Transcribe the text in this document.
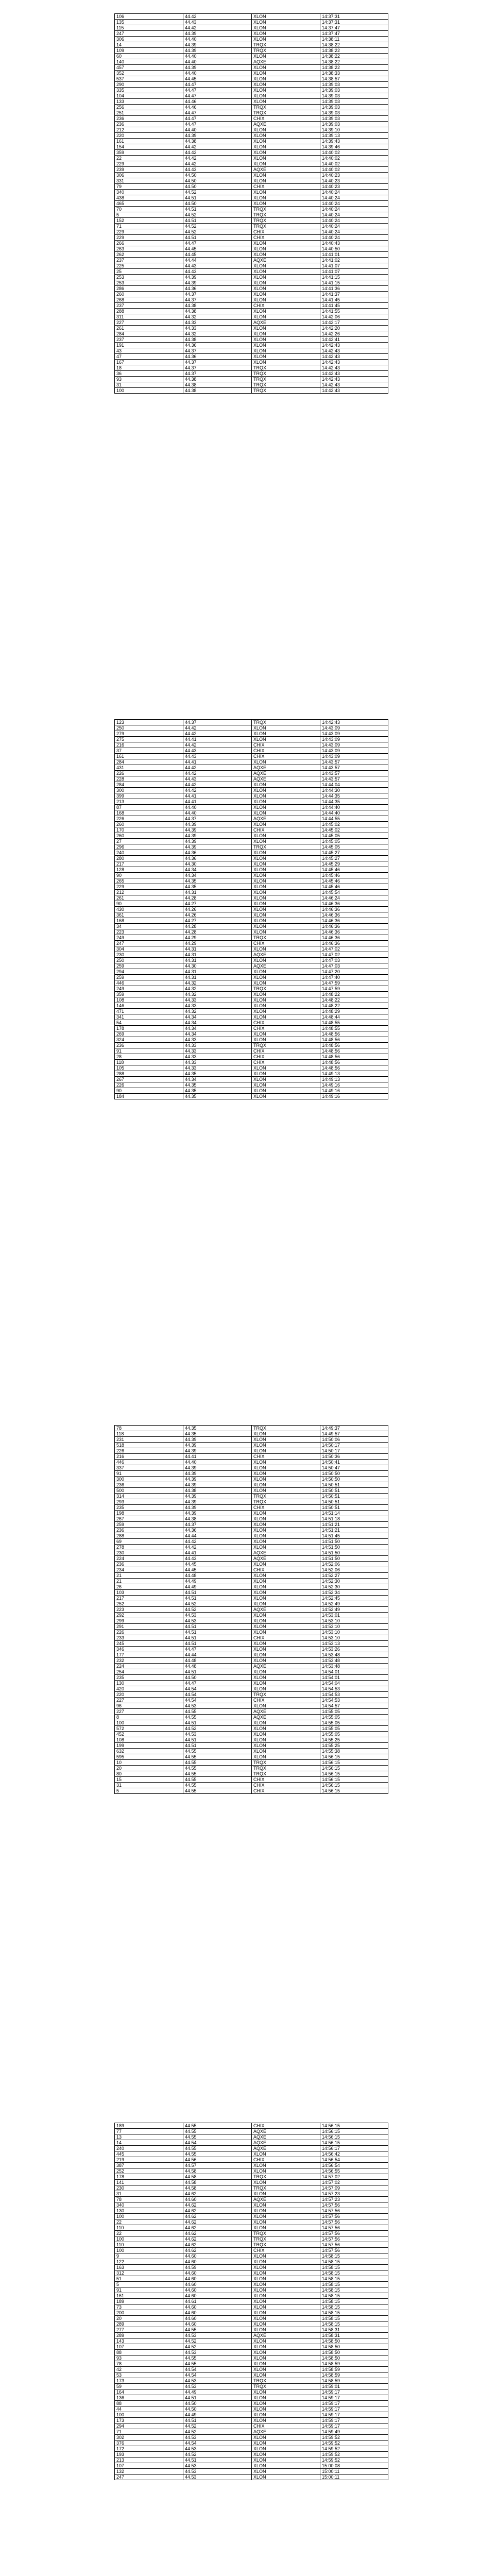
106	44.42	XLON	14:37:31
135	44.43	XLON	14:37:31
115	44.42	XLON	14:37:47
247	44.39	XLON	14:37:47
306	44.40	XLON	14:38:11
14	44.39	TRQX	14:38:22
109	44.39	TRQX	14:38:22
60	44.40	XLON	14:38:22
140	44.40	AQXE	14:38:22
457	44.39	XLON	14:38:22
352	44.40	XLON	14:38:33
537	44.45	XLON	14:38:57
290	44.47	XLON	14:39:03
335	44.47	XLON	14:39:03
104	44.47	XLON	14:39:03
133	44.46	XLON	14:39:03
256	44.46	TRQX	14:39:03
251	44.47	TRQX	14:39:03
236	44.47	CHIX	14:39:03
236	44.47	AQXE	14:39:03
212	44.40	XLON	14:39:10
220	44.39	XLON	14:39:13
161	44.38	XLON	14:39:43
154	44.42	XLON	14:39:46
359	44.42	XLON	14:40:02
22	44.42	XLON	14:40:02
229	44.42	XLON	14:40:02
239	44.43	AQXE	14:40:02
306	44.50	XLON	14:40:23
331	44.50	XLON	14:40:23
79	44.50	CHIX	14:40:23
340	44.52	XLON	14:40:24
438	44.51	XLON	14:40:24
465	44.50	XLON	14:40:24
70	44.51	TRQX	14:40:24
5	44.52	TRQX	14:40:24
152	44.51	TRQX	14:40:24
71	44.52	TRQX	14:40:24
229	44.52	CHIX	14:40:24
229	44.51	CHIX	14:40:24
266	44.47	XLON	14:40:43
263	44.45	XLON	14:40:50
262	44.45	XLON	14:41:01
237	44.44	AQXE	14:41:02
225	44.43	XLON	14:41:07
25	44.43	XLON	14:41:07
253	44.39	XLON	14:41:15
253	44.39	XLON	14:41:15
286	44.36	XLON	14:41:36
260	44.37	XLON	14:41:37
268	44.37	XLON	14:41:45
237	44.38	CHIX	14:41:45
288	44.38	XLON	14:41:55
311	44.32	XLON	14:42:06
227	44.33	AQXE	14:42:17
261	44.33	XLON	14:42:20
284	44.32	XLON	14:42:26
237	44.38	XLON	14:42:41
191	44.36	XLON	14:42:43
43	44.37	XLON	14:42:43
47	44.36	XLON	14:42:43
167	44.37	XLON	14:42:43
18	44.37	TRQX	14:42:43
36	44.37	TRQX	14:42:43
93	44.38	TRQX	14:42:43
31	44.38	TRQX	14:42:43
100	44.38	TRQX	14:42:43
123	44.37	TRQX	14:42:43
250	44.42	XLON	14:43:09
279	44.42	XLON	14:43:09
275	44.41	XLON	14:43:09
216	44.42	CHIX	14:43:09
37	44.43	CHIX	14:43:09
161	44.43	CHIX	14:43:09
284	44.41	XLON	14:43:57
431	44.42	AQXE	14:43:57
226	44.42	AQXE	14:43:57
228	44.43	AQXE	14:43:57
284	44.42	XLON	14:44:04
300	44.42	XLON	14:44:30
399	44.41	XLON	14:44:35
213	44.41	XLON	14:44:35
87	44.40	XLON	14:44:40
168	44.40	XLON	14:44:40
226	44.37	AQXE	14:44:55
260	44.39	XLON	14:45:02
170	44.39	CHIX	14:45:02
260	44.39	XLON	14:45:05
27	44.39	XLON	14:45:05
296	44.39	TRQX	14:45:05
240	44.36	XLON	14:45:27
280	44.36	XLON	14:45:27
217	44.30	XLON	14:45:29
128	44.34	XLON	14:45:46
90	44.34	XLON	14:45:46
265	44.35	XLON	14:45:46
229	44.35	XLON	14:45:46
212	44.31	XLON	14:45:54
261	44.28	XLON	14:46:24
90	44.27	XLON	14:46:36
430	44.26	XLON	14:46:36
361	44.26	XLON	14:46:36
168	44.27	XLON	14:46:36
34	44.28	XLON	14:46:36
223	44.28	XLON	14:46:36
249	44.29	TRQX	14:46:36
247	44.29	CHIX	14:46:36
304	44.31	XLON	14:47:02
230	44.31	AQXE	14:47:02
250	44.31	XLON	14:47:03
259	44.30	AQXE	14:47:03
294	44.31	XLON	14:47:20
259	44.31	XLON	14:47:40
446	44.32	XLON	14:47:59
249	44.32	TRQX	14:47:59
359	44.32	XLON	14:48:22
108	44.33	XLON	14:48:22
146	44.33	XLON	14:48:22
471	44.32	XLON	14:48:29
341	44.34	XLON	14:48:44
54	44.34	CHIX	14:48:55
178	44.34	CHIX	14:48:55
269	44.34	XLON	14:48:56
324	44.33	XLON	14:48:56
236	44.33	TRQX	14:48:56
91	44.33	CHIX	14:48:56
28	44.33	CHIX	14:48:56
118	44.33	CHIX	14:48:56
105	44.33	XLON	14:48:56
288	44.35	XLON	14:49:13
267	44.34	XLON	14:49:13
226	44.35	XLON	14:49:16
90	44.35	XLON	14:49:16
184	44.35	XLON	14:49:16
78	44.35	TRQX	14:49:37
118	44.35	XLON	14:49:57
231	44.39	XLON	14:50:06
518	44.39	XLON	14:50:17
226	44.39	XLON	14:50:17
216	44.41	CHIX	14:50:36
446	44.40	XLON	14:50:41
337	44.39	XLON	14:50:47
91	44.39	XLON	14:50:50
300	44.39	XLON	14:50:50
236	44.39	XLON	14:50:51
500	44.38	XLON	14:50:51
314	44.39	TRQX	14:50:51
293	44.39	TRQX	14:50:51
235	44.39	CHIX	14:50:51
198	44.39	XLON	14:51:14
267	44.38	XLON	14:51:18
259	44.37	XLON	14:51:21
236	44.36	XLON	14:51:21
288	44.44	XLON	14:51:45
69	44.42	XLON	14:51:50
278	44.42	XLON	14:51:50
230	44.41	AQXE	14:51:50
224	44.43	AQXE	14:51:50
236	44.45	XLON	14:52:06
234	44.45	CHIX	14:52:06
21	44.48	XLON	14:52:27
21	44.49	XLON	14:52:30
26	44.49	XLON	14:52:30
103	44.51	XLON	14:52:34
217	44.51	XLON	14:52:45
252	44.52	XLON	14:52:49
223	44.52	AQXE	14:52:49
292	44.53	XLON	14:53:01
299	44.53	XLON	14:53:10
291	44.51	XLON	14:53:10
226	44.51	XLON	14:53:10
233	44.51	CHIX	14:53:10
245	44.51	XLON	14:53:13
346	44.47	XLON	14:53:26
177	44.44	XLON	14:53:48
232	44.48	XLON	14:53:48
224	44.48	AQXE	14:53:48
254	44.51	XLON	14:54:01
235	44.50	XLON	14:54:01
130	44.47	XLON	14:54:04
420	44.54	XLON	14:54:53
220	44.54	TRQX	14:54:53
227	44.54	CHIX	14:54:53
96	44.53	XLON	14:54:57
227	44.55	AQXE	14:55:05
8	44.55	AQXE	14:55:05
100	44.51	XLON	14:55:05
572	44.52	XLON	14:55:05
452	44.53	XLON	14:55:05
108	44.51	XLON	14:55:25
199	44.51	XLON	14:55:25
632	44.55	XLON	14:55:38
595	44.55	XLON	14:56:15
10	44.55	TRQX	14:56:15
20	44.55	TRQX	14:56:15
80	44.55	TRQX	14:56:15
15	44.55	CHIX	14:56:15
31	44.55	CHIX	14:56:15
5	44.55	CHIX	14:56:15
189	44.55	CHIX	14:56:15
77	44.55	AQXE	14:56:15
13	44.55	AQXE	14:56:15
14	44.54	AQXE	14:56:15
240	44.55	AQXE	14:56:17
445	44.55	XLON	14:56:42
219	44.56	CHIX	14:56:54
387	44.57	XLON	14:56:54
252	44.58	XLON	14:56:55
178	44.58	TRQX	14:57:02
141	44.58	XLON	14:57:02
230	44.58	TRQX	14:57:09
31	44.62	XLON	14:57:23
78	44.60	AQXE	14:57:23
340	44.62	XLON	14:57:56
130	44.62	XLON	14:57:56
100	44.62	XLON	14:57:56
22	44.62	XLON	14:57:56
110	44.62	XLON	14:57:56
22	44.62	TRQX	14:57:56
100	44.62	TRQX	14:57:56
110	44.62	TRQX	14:57:56
100	44.62	CHIX	14:57:56
9	44.60	XLON	14:58:15
122	44.60	XLON	14:58:15
163	44.59	XLON	14:58:15
312	44.60	XLON	14:58:15
51	44.60	XLON	14:58:15
5	44.60	XLON	14:58:15
91	44.60	XLON	14:58:15
161	44.60	XLON	14:58:15
189	44.61	XLON	14:58:15
73	44.60	XLON	14:58:15
200	44.60	XLON	14:58:15
20	44.60	XLON	14:58:15
289	44.60	XLON	14:58:15
277	44.55	XLON	14:58:31
289	44.53	AQXE	14:58:31
143	44.52	XLON	14:58:50
107	44.52	XLON	14:58:50
88	44.53	XLON	14:58:50
93	44.55	XLON	14:58:50
78	44.55	XLON	14:58:59
42	44.54	XLON	14:58:59
53	44.54	XLON	14:58:59
173	44.53	TRQX	14:58:59
59	44.53	TRQX	14:59:01
164	44.49	XLON	14:59:17
136	44.51	XLON	14:59:17
88	44.50	XLON	14:59:17
44	44.50	XLON	14:59:17
100	44.49	XLON	14:59:17
173	44.51	XLON	14:59:17
294	44.52	CHIX	14:59:17
71	44.52	AQXE	14:59:49
302	44.53	XLON	14:59:52
376	44.54	XLON	14:59:52
172	44.53	XLON	14:59:52
193	44.52	XLON	14:59:52
213	44.51	XLON	14:59:52
107	44.53	XLON	15:00:08
132	44.53	XLON	15:00:11
247	44.53	XLON	15:00:11
